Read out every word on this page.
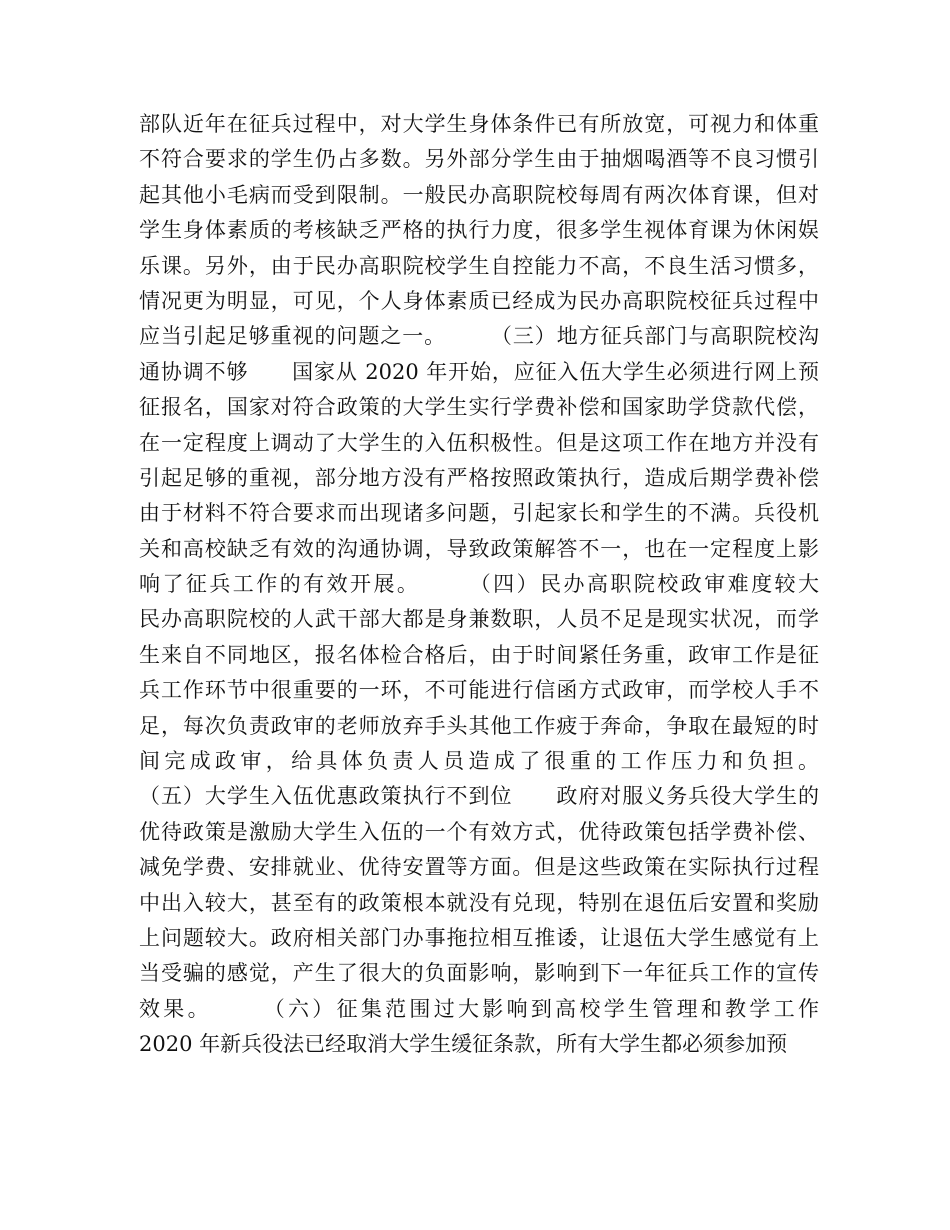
部队近年在征兵过程中，对大学生身体条件已有所放宽，可视力和体重
不符合要求的学生仍占多数。另外部分学生由于抽烟喝酒等不良习惯引
起其他小毛病而受到限制。一般民办高职院校每周有两次体育课，但对
学生身体素质的考核缺乏严格的执行力度，很多学生视体育课为休闲娱
乐课。另外，由于民办高职院校学生自控能力不高，不良生活习惯多，
情况更为明显，可见，个人身体素质已经成为民办高职院校征兵过程中
应当引起足够重视的问题之一。　　　（三）地方征兵部门与高职院校沟
通协调不够　　国家从 2020 年开始，应征入伍大学生必须进行网上预
征报名，国家对符合政策的大学生实行学费补偿和国家助学贷款代偿，
在一定程度上调动了大学生的入伍积极性。但是这项工作在地方并没有
引起足够的重视，部分地方没有严格按照政策执行，造成后期学费补偿
由于材料不符合要求而出现诸多问题，引起家长和学生的不满。兵役机
关和高校缺乏有效的沟通协调，导致政策解答不一，也在一定程度上影
响了征兵工作的有效开展。　　　（四）民办高职院校政审难度较大
民办高职院校的人武干部大都是身兼数职，人员不足是现实状况，而学
生来自不同地区，报名体检合格后，由于时间紧任务重，政审工作是征
兵工作环节中很重要的一环，不可能进行信函方式政审，而学校人手不
足，每次负责政审的老师放弃手头其他工作疲于奔命，争取在最短的时
间完成政审，给具体负责人员造成了很重的工作压力和负担。
（五）大学生入伍优惠政策执行不到位　　政府对服义务兵役大学生的
优待政策是激励大学生入伍的一个有效方式，优待政策包括学费补偿、
减免学费、安排就业、优待安置等方面。但是这些政策在实际执行过程
中出入较大，甚至有的政策根本就没有兑现，特别在退伍后安置和奖励
上问题较大。政府相关部门办事拖拉相互推诿，让退伍大学生感觉有上
当受骗的感觉，产生了很大的负面影响，影响到下一年征兵工作的宣传
效果。　　　（六）征集范围过大影响到高校学生管理和教学工作
2020 年新兵役法已经取消大学生缓征条款，所有大学生都必须参加预
